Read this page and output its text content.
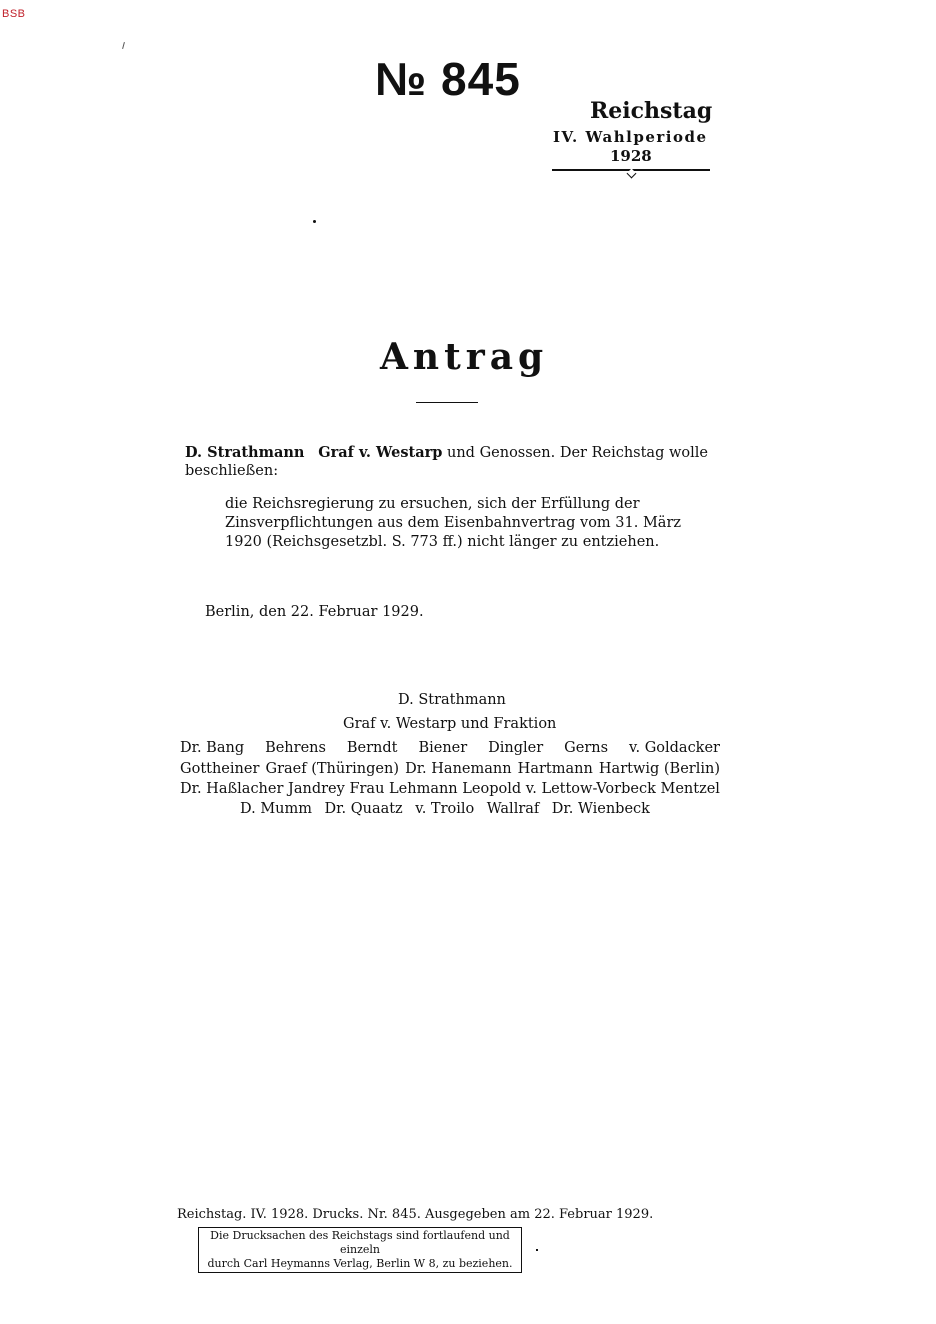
BSB
№ 845
Reichstag
IV. Wahlperiode
1928
Antrag
D. Strathmann Graf v. Westarp und Genossen. Der Reichstag wolle beschließen:
die Reichsregierung zu ersuchen, sich der Erfüllung der Zinsverpflichtungen aus dem Eisenbahnvertrag vom 31. März 1920 (Reichsgesetzbl. S. 773 ff.) nicht länger zu entziehen.
Berlin, den 22. Februar 1929.
D. Strathmann
Graf v. Westarp und Fraktion
Dr. Bang Behrens Berndt Biener Dingler Gerns v. Goldacker
Gottheiner Graef (Thüringen) Dr. Hanemann Hartmann Hartwig (Berlin)
Dr. Haßlacher Jandrey Frau Lehmann Leopold v. Lettow-Vorbeck Mentzel
D. Mumm Dr. Quaatz v. Troilo Wallraf Dr. Wienbeck
Reichstag. IV. 1928. Drucks. Nr. 845. Ausgegeben am 22. Februar 1929.
Die Drucksachen des Reichstags sind fortlaufend und einzeln
durch Carl Heymanns Verlag, Berlin W 8, zu beziehen.
